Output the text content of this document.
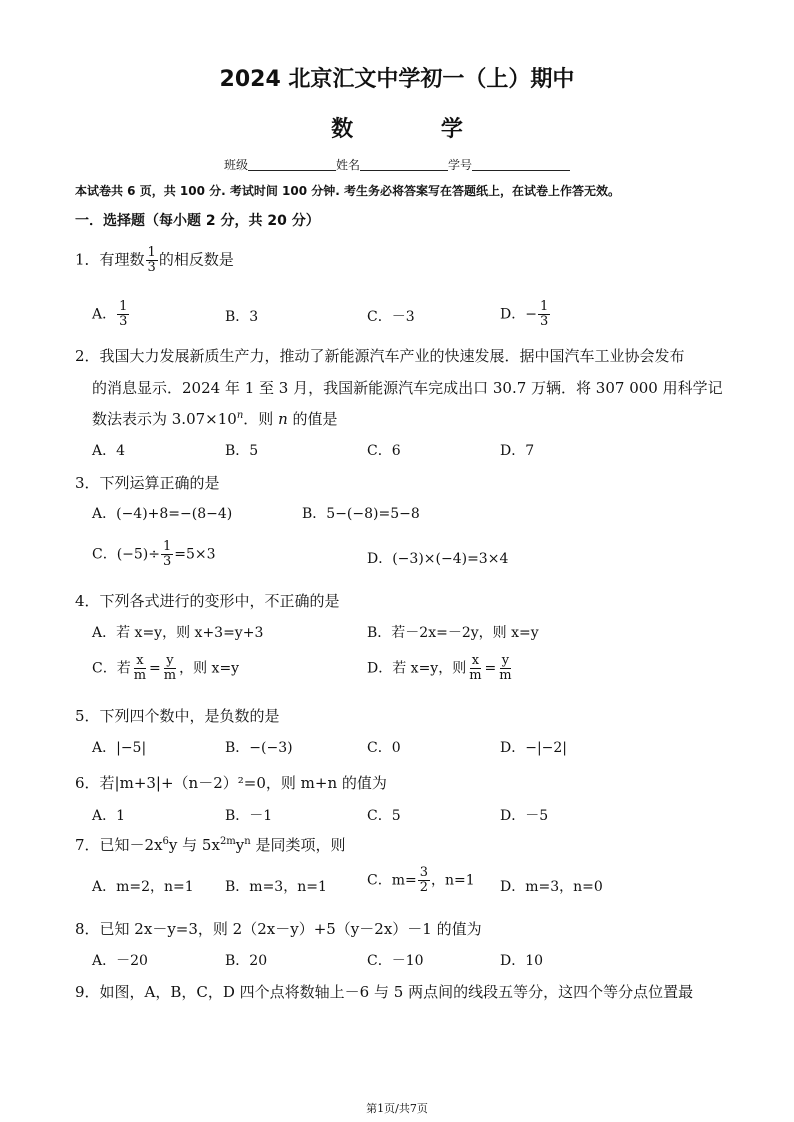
2024 北京汇文中学初一（上）期中
数 学
班级	姓名	学号
本试卷共 6 页，共 100 分. 考试时间 100 分钟. 考生务必将答案写在答题纸上，在试卷上作答无效。
一．选择题（每小题 2 分，共 20 分）
1．有理数 $\frac{1}{3}$ 的相反数是
A． $\frac{1}{3}$	B．3	C．－3	D．− $\frac{1}{3}$
2．我国大力发展新质生产力，推动了新能源汽车产业的快速发展．据中国汽车工业协会发布
的消息显示．2024 年 1 至 3 月，我国新能源汽车完成出口 30.7 万辆．将 307 000 用科学记
数法表示为 $3.07\times 10^n$．则 n 的值是
A．4	B．5	C．6	D．7
3．下列运算正确的是
A．(−4)+8=−(8−4)	B．5−(−8)=5−8
C．$(-5)\div \frac{1}{3} =5\times 3$	D．(−3)×(−4)=3×4
4．下列各式进行的变形中，不正确的是
A．若 x=y，则 x+3=y+3	B．若－2x=－2y，则 x=y
C．若 $\frac{x}{m} = \frac{y}{m}$ ，则 x=y	D．若 x=y，则 $\frac{x}{m} = \frac{y}{m}$
5．下列四个数中，是负数的是
A．|−5|	B．−(−3)	C．0	D．−|−2|
6．若|m+3|+（n－2）²=0，则 m+n 的值为
A．1	B．－1	C．5	D．－5
7．已知$-2x^6y$ 与 $5x^{2m}y^n$ 是同类项，则
A．m=2，n=1 B．m=3，n=1	C．$m= \frac{3}{2}$ ，n=1 D．m=3，n=0
8．已知 2x－y=3，则 2（2x－y）+5（y－2x）－1 的值为
A．－20	B．20	C．－10	D．10
9．如图，A，B，C，D 四个点将数轴上－6 与 5 两点间的线段五等分，这四个等分点位置最
第1页/共7页
